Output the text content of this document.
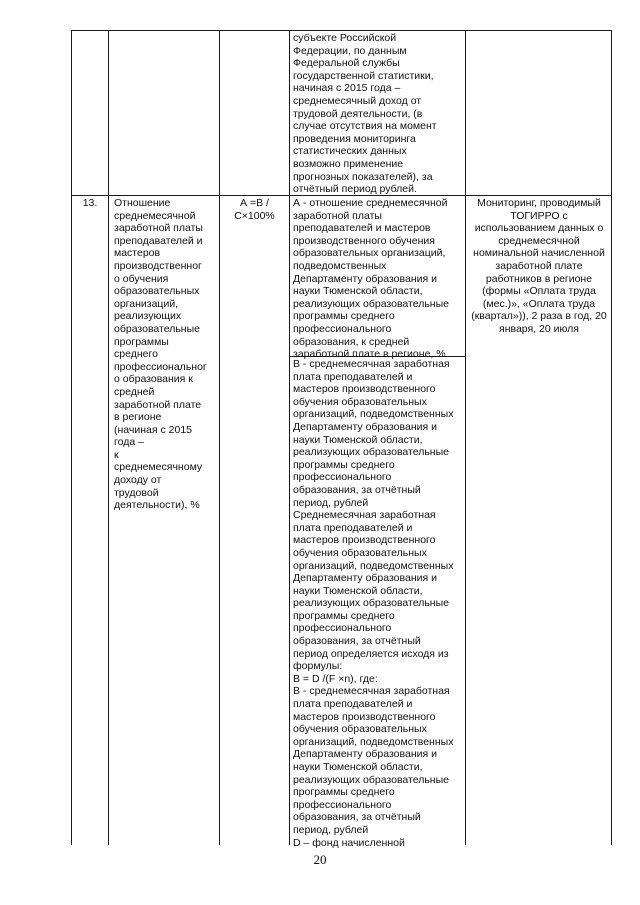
субъекте Российской
Федерации, по данным
Федеральной службы
государственной статистики,
начиная с 2015 года –
среднемесячный доход от
трудовой деятельности, (в
случае отсутствия на момент
проведения мониторинга
статистических данных
возможно применение
прогнозных показателей), за
отчётный период рублей.
13.	Отношение
среднемесячной
заработной платы
преподавателей и
мастеров
производственног
о обучения
образовательных
организаций,
реализующих
образовательные
программы
среднего
профессиональног
о образования к
средней
заработной плате
в регионе
(начиная с 2015
года –
к
среднемесячному
доходу от
трудовой
деятельности), %
А =В /
С×100%
А - отношение среднемесячной
заработной платы
преподавателей и мастеров
производственного обучения
образовательных организаций,
подведомственных
Департаменту образования и
науки Тюменской области,
реализующих образовательные
программы среднего
профессионального
образования, к средней
заработной плате в регионе, %
В - среднемесячная заработная
плата преподавателей и
мастеров производственного
обучения образовательных
организаций, подведомственных
Департаменту образования и
науки Тюменской области,
реализующих образовательные
программы среднего
профессионального
образования, за отчётный
период, рублей
Среднемесячная заработная
плата преподавателей и
мастеров производственного
обучения образовательных
организаций, подведомственных
Департаменту образования и
науки Тюменской области,
реализующих образовательные
программы среднего
профессионального
образования, за отчётный
период определяется исходя из
формулы:
В = D /(F ×n), где:
В - среднемесячная заработная
плата преподавателей и
мастеров производственного
обучения образовательных
организаций, подведомственных
Департаменту образования и
науки Тюменской области,
реализующих образовательные
программы среднего
профессионального
образования, за отчётный
период, рублей
D – фонд начисленной
Мониторинг, проводимый
ТОГИРРО с
использованием данных о
среднемесячной
номинальной начисленной
заработной плате
работников в регионе
(формы «Оплата труда
(мес.)», «Оплата труда
(квартал»)), 2 раза в год, 20
января, 20 июля
20
